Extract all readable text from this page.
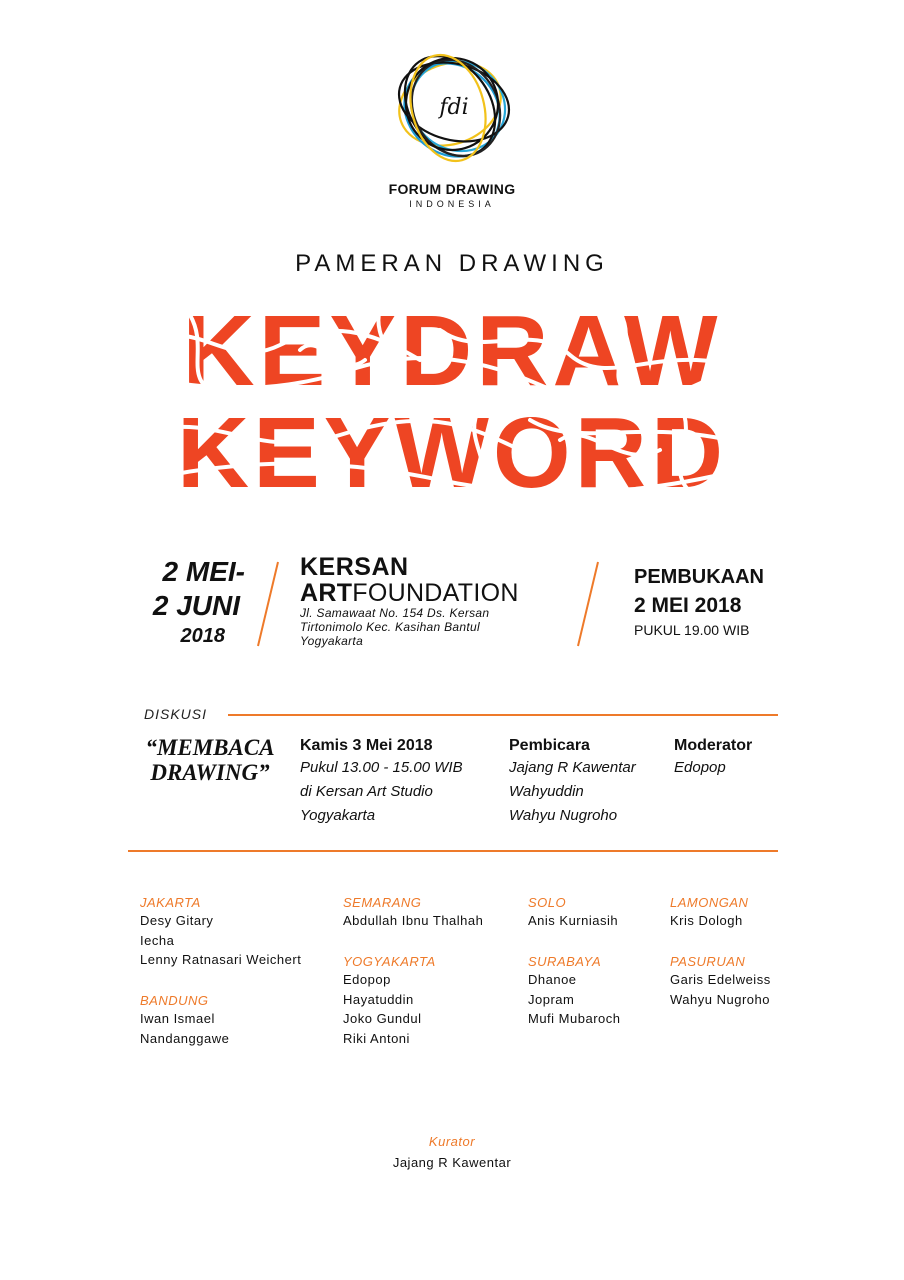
fdi
FORUM DRAWING
INDONESIA
PAMERAN DRAWING
KEYDRAW
KEYWORD
2 MEI-
2 JUNI
2018
KERSAN
ARTFOUNDATION
Jl. Samawaat No. 154 Ds. Kersan
Tirtonimolo Kec. Kasihan Bantul
Yogyakarta
PEMBUKAAN
2 MEI 2018
PUKUL 19.00 WIB
DISKUSI
“MEMBACA
DRAWING”
Kamis 3 Mei 2018
Pukul 13.00 - 15.00 WIB
di Kersan Art Studio
Yogyakarta
Pembicara
Jajang R Kawentar
Wahyuddin
Wahyu Nugroho
Moderator
Edopop
JAKARTA
Desy Gitary
Iecha
Lenny Ratnasari Weichert
BANDUNG
Iwan Ismael
Nandanggawe
SEMARANG
Abdullah Ibnu Thalhah
YOGYAKARTA
Edopop
Hayatuddin
Joko Gundul
Riki Antoni
SOLO
Anis Kurniasih
SURABAYA
Dhanoe
Jopram
Mufi Mubaroch
LAMONGAN
Kris Dologh
PASURUAN
Garis Edelweiss
Wahyu Nugroho
Kurator
Jajang R Kawentar
